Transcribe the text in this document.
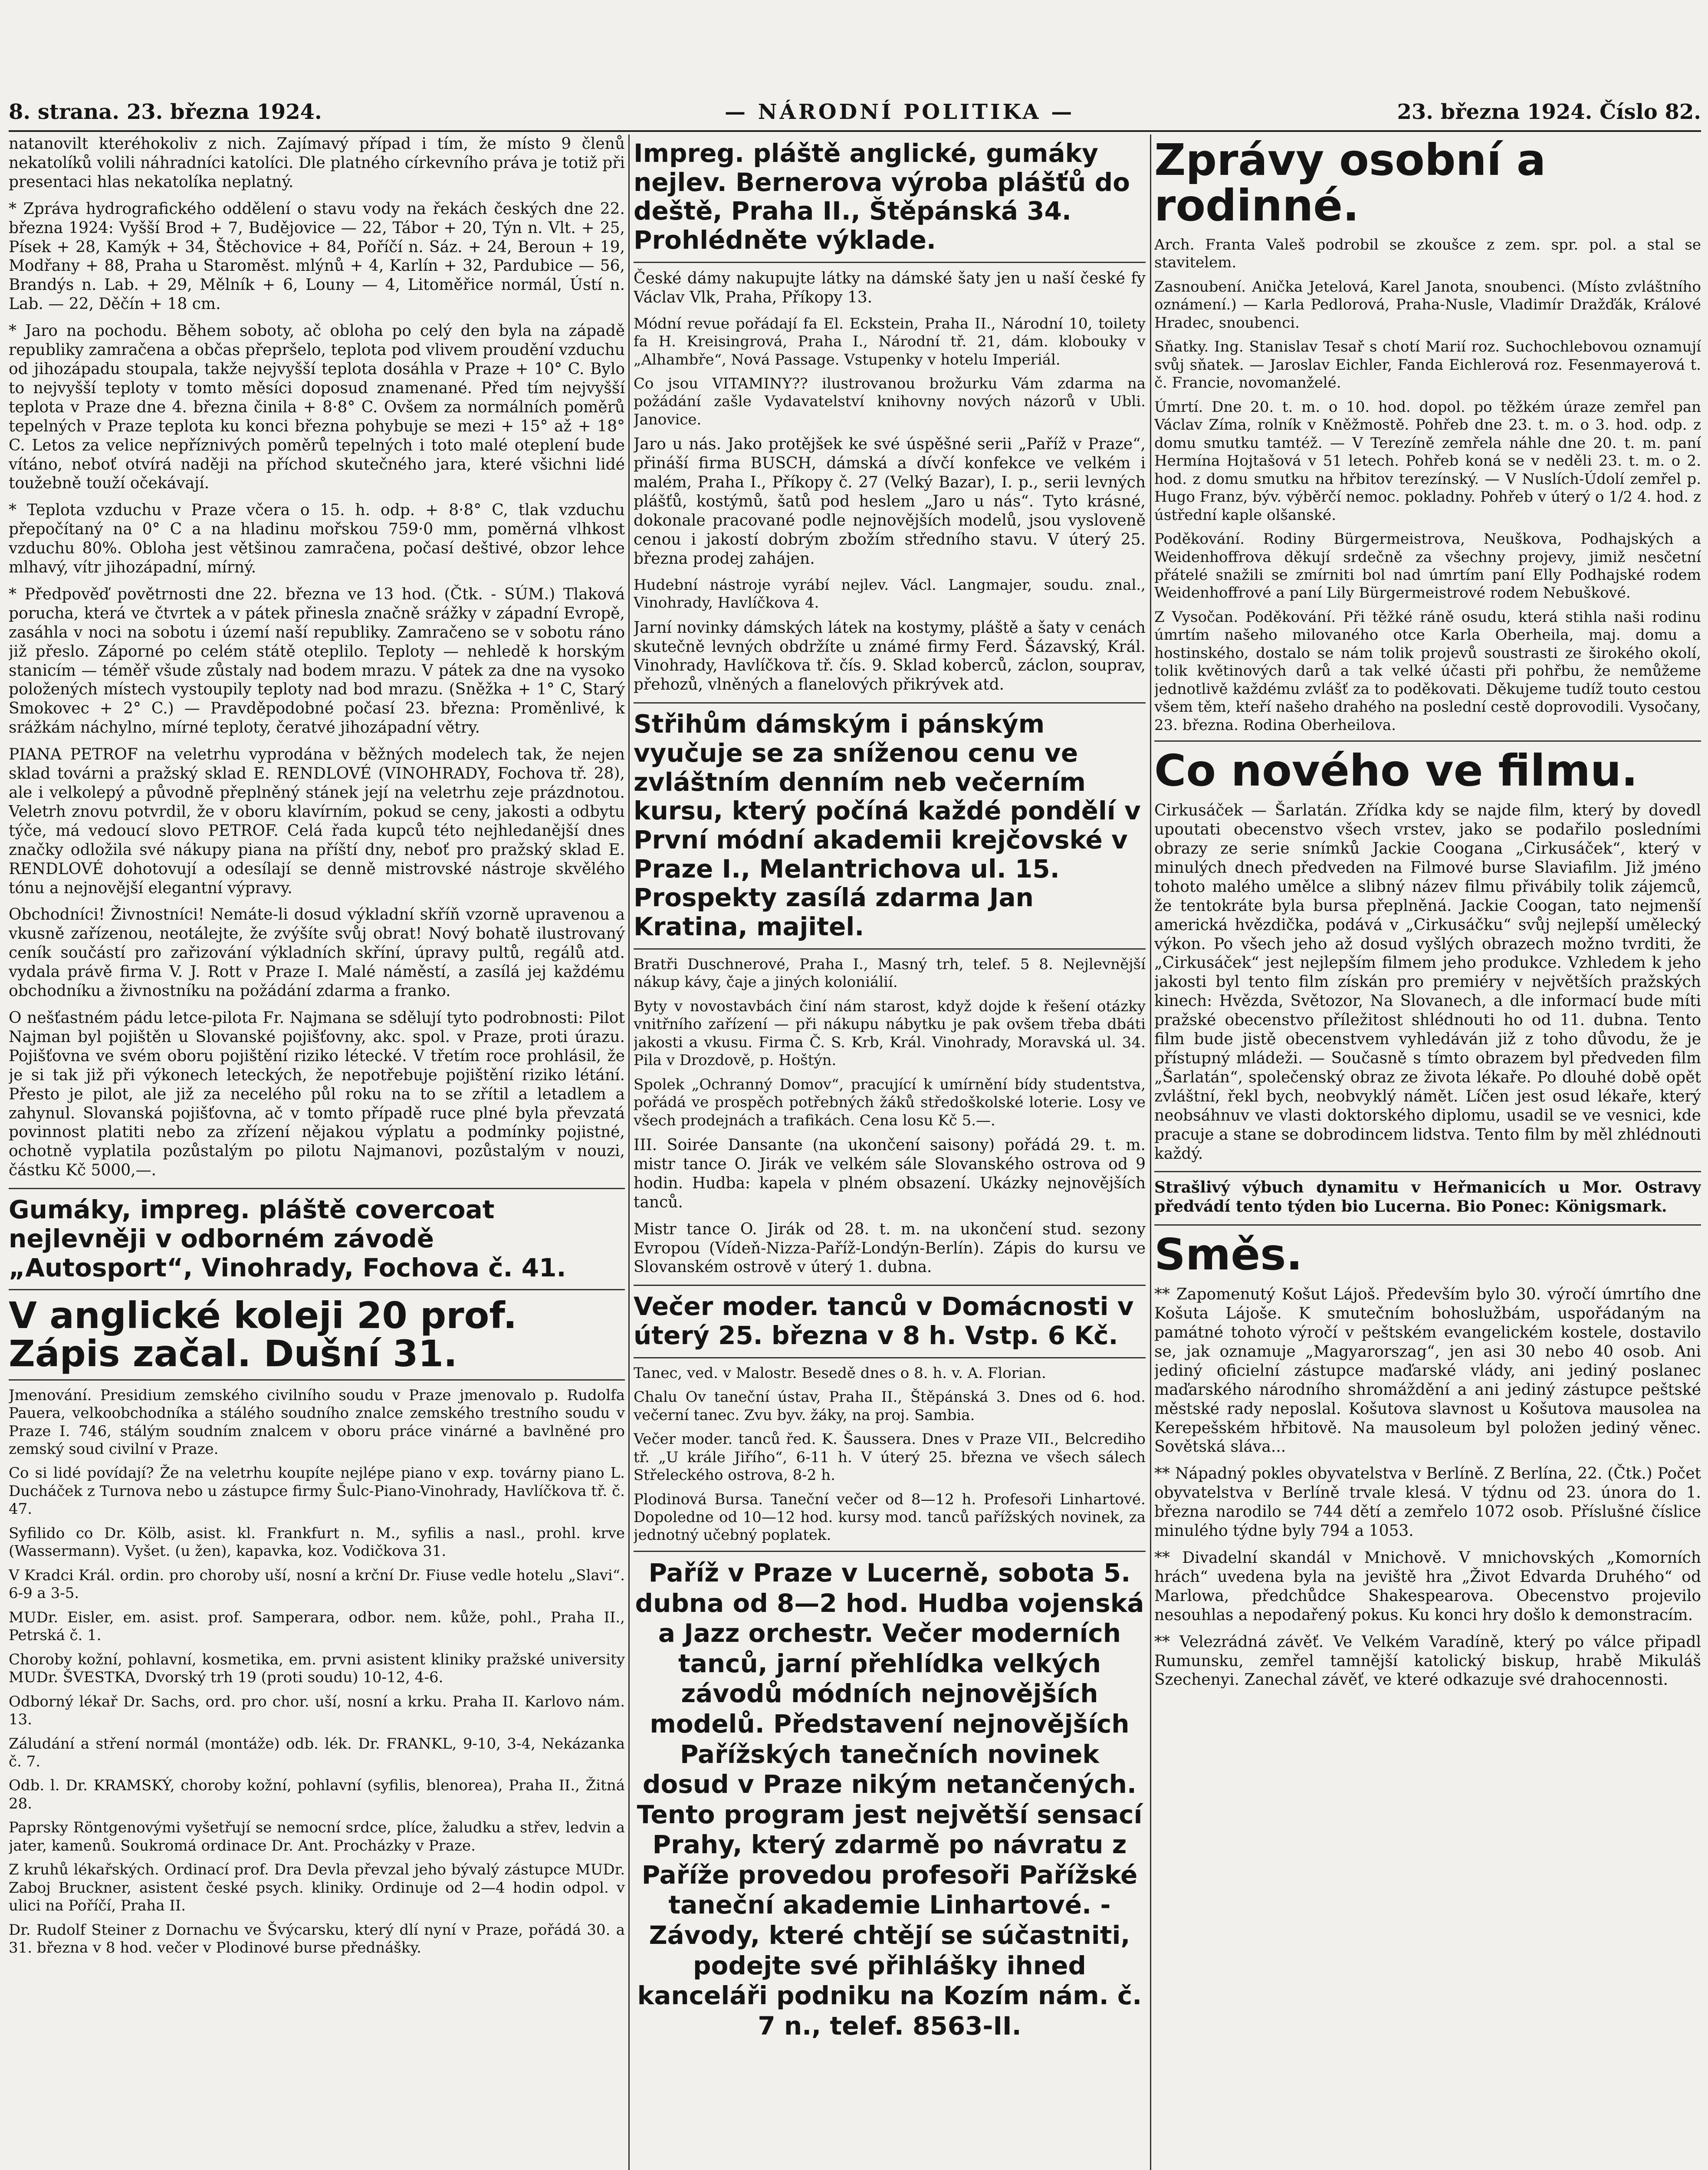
8. strana. 23. března 1924.	— NÁRODNÍ POLITIKA —	23. března 1924. Číslo 82.

natanovilt kteréhokoliv z nich. Zajímavý případ i tím, že místo 9 členů nekatolíků volili náhradníci katolíci. Dle platného církevního práva je totiž při presentaci hlas nekatolíka neplatný.

* Zpráva hydrografického oddělení o stavu vody na řekách českých dne 22. března 1924: Vyšší Brod + 7, Budějovice — 22, Tábor + 20, Týn n. Vlt. + 25, Písek + 28, Kamýk + 34, Štěchovice + 84, Poříčí n. Sáz. + 24, Beroun + 19, Modřany + 88, Praha u Staroměst. mlýnů + 4, Karlín + 32, Pardubice — 56, Brandýs n. Lab. + 29, Mělník + 6, Louny — 4, Litoměřice normál, Ústí n. Lab. — 22, Děčín + 18 cm.

* Jaro na pochodu. Během soboty, ač obloha po celý den byla na západě republiky zamračena a občas přepršelo, teplota pod vlivem proudění vzduchu od jihozápadu stoupala, takže nejvyšší teplota dosáhla v Praze + 10° C. Bylo to nejvyšší teploty v tomto měsíci doposud znamenané. Před tím nejvyšší teplota v Praze dne 4. března činila + 8·8° C. Ovšem za normálních poměrů tepelných v Praze teplota ku konci března pohybuje se mezi + 15° až + 18° C. Letos za velice nepříznivých poměrů tepelných i toto malé oteplení bude vítáno, neboť otvírá naději na příchod skutečného jara, které všichni lidé toužebně touží očekávají.

* Teplota vzduchu v Praze včera o 15. h. odp. + 8·8° C, tlak vzduchu přepočítaný na 0° C a na hladinu mořskou 759·0 mm, poměrná vlhkost vzduchu 80%. Obloha jest většinou zamračena, počasí deštivé, obzor lehce mlhavý, vítr jihozápadní, mírný.

* Předpověď povětrnosti dne 22. března ve 13 hod. (Čtk. - SÚM.) Tlaková porucha, která ve čtvrtek a v pátek přinesla značně srážky v západní Evropě, zasáhla v noci na sobotu i území naší republiky. Zamračeno se v sobotu ráno již přeslo. Záporné po celém státě oteplilo. Teploty — nehledě k horským stanicím — téměř všude zůstaly nad bodem mrazu. V pátek za dne na vysoko položených místech vystoupily teploty nad bod mrazu. (Sněžka + 1° C, Starý Smokovec + 2° C.) — Pravděpodobné počasí 23. března: Proměnlivé, k srážkám náchylno, mírné teploty, čeratvé jihozápadní větry.

PIANA PETROF na veletrhu vyprodána v běžných modelech tak, že nejen sklad továrni a pražský sklad E. RENDLOVÉ (VINOHRADY, Fochova tř. 28), ale i velkolepý a původně přeplněný stánek její na veletrhu zeje prázdnotou. Veletrh znovu potvrdil, že v oboru klavírním, pokud se ceny, jakosti a odbytu týče, má vedoucí slovo PETROF. Celá řada kupců této nejhledanější dnes značky odložila své nákupy piana na příští dny, neboť pro pražský sklad E. RENDLOVÉ dohotovují a odesílají se denně mistrovské nástroje skvělého tónu a nejnovější elegantní výpravy.

Obchodníci! Živnostníci! Nemáte-li dosud výkladní skříň vzorně upravenou a vkusně zařízenou, neotálejte, že zvýšíte svůj obrat! Nový bohatě ilustrovaný ceník součástí pro zařizování výkladních skříní, úpravy pultů, regálů atd. vydala právě firma V. J. Rott v Praze I. Malé náměstí, a zasílá jej každému obchodníku a živnostníku na požádání zdarma a franko.

O nešťastném pádu letce-pilota Fr. Najmana se sdělují tyto podrobnosti: Pilot Najman byl pojištěn u Slovanské pojišťovny, akc. spol. v Praze, proti úrazu. Pojišťovna ve svém oboru pojištění riziko létecké. V třetím roce prohlásil, že je si tak již při výkonech leteckých, že nepotřebuje pojištění riziko létání. Přesto je pilot, ale již za necelého půl roku na to se zřítil a letadlem a zahynul. Slovanská pojišťovna, ač v tomto případě ruce plné byla převzatá povinnost platiti nebo za zřízení nějakou výplatu a podmínky pojistné, ochotně vyplatila pozůstalým po pilotu Najmanovi, pozůstalým v nouzi, částku Kč 5000,—.

Gumáky, impreg. pláště covercoat nejlevněji v odborném závodě „Autosport“, Vinohrady, Fochova č. 41.
V anglické koleji 20 prof. Zápis začal. Dušní 31.

Jmenování. Presidium zemského civilního soudu v Praze jmenovalo p. Rudolfa Pauera, velkoobchodníka a stálého soudního znalce zemského trestního soudu v Praze I. 746, stálým soudním znalcem v oboru práce vinárné a bavlněné pro zemský soud civilní v Praze.

Co si lidé povídají? Že na veletrhu koupíte nejlépe piano v exp. továrny piano L. Ducháček z Turnova nebo u zástupce firmy Šulc-Piano-Vinohrady, Havlíčkova tř. č. 47.

Syfilido co Dr. Kölb, asist. kl. Frankfurt n. M., syfilis a nasl., prohl. krve (Wassermann). Vyšet. (u žen), kapavka, koz. Vodičkova 31.

V Kradci Král. ordin. pro choroby uší, nosní a krční Dr. Fiuse vedle hotelu „Slavi“. 6-9 a 3-5.

MUDr. Eisler, em. asist. prof. Samperara, odbor. nem. kůže, pohl., Praha II., Petrská č. 1.

Choroby kožní, pohlavní, kosmetika, em. prvni asistent kliniky pražské university MUDr. ŠVESTKA, Dvorský trh 19 (proti soudu) 10-12, 4-6.

Odborný lékař Dr. Sachs, ord. pro chor. uší, nosní a krku. Praha II. Karlovo nám. 13.

Záludání a stření normál (montáže) odb. lék. Dr. FRANKL, 9-10, 3-4, Nekázanka č. 7.

Odb. l. Dr. KRAMSKÝ, choroby kožní, pohlavní (syfilis, blenorea), Praha II., Žitná 28.

Paprsky Röntgenovými vyšetřují se nemocní srdce, plíce, žaludku a střev, ledvin a jater, kamenů. Soukromá ordinace Dr. Ant. Procházky v Praze.

Z kruhů lékařských. Ordinací prof. Dra Devla převzal jeho bývalý zástupce MUDr. Zaboj Bruckner, asistent české psych. kliniky. Ordinuje od 2—4 hodin odpol. v ulici na Poříčí, Praha II.

Dr. Rudolf Steiner z Dornachu ve Švýcarsku, který dlí nyní v Praze, pořádá 30. a 31. března v 8 hod. večer v Plodinové burse přednášky.

Impreg. pláště anglické, gumáky nejlev. Bernerova výroba plášťů do deště, Praha II., Štěpánská 34. Prohlédněte výklade.

České dámy nakupujte látky na dámské šaty jen u naší české fy Václav Vlk, Praha, Příkopy 13.

Módní revue pořádají fa El. Eckstein, Praha II., Národní 10, toilety fa H. Kreisingrová, Praha I., Národní tř. 21, dám. klobouky v „Alhambře“, Nová Passage. Vstupenky v hotelu Imperiál.

Co jsou VITAMINY?? ilustrovanou brožurku Vám zdarma na požádání zašle Vydavatelství knihovny nových názorů v Ubli. Janovice.

Jaro u nás. Jako protějšek ke své úspěšné serii „Paříž v Praze“, přináší firma BUSCH, dámská a dívčí konfekce ve velkém i malém, Praha I., Příkopy č. 27 (Velký Bazar), I. p., serii levných plášťů, kostýmů, šatů pod heslem „Jaro u nás“. Tyto krásné, dokonale pracované podle nejnovějších modelů, jsou vysloveně cenou i jakostí dobrým zbožím středního stavu. V úterý 25. března prodej zahájen.

Hudební nástroje vyrábí nejlev. Václ. Langmajer, soudu. znal., Vinohrady, Havlíčkova 4.

Jarní novinky dámských látek na kostymy, pláště a šaty v cenách skutečně levných obdržíte u známé firmy Ferd. Šázavský, Král. Vinohrady, Havlíčkova tř. čís. 9. Sklad koberců, záclon, souprav, přehozů, vlněných a flanelových přikrývek atd.

Střihům dámským i pánským vyučuje se za sníženou cenu ve zvláštním denním neb večerním kursu, který počíná každé pondělí v První módní akademii krejčovské v Praze I., Melantrichova ul. 15. Prospekty zasílá zdarma Jan Kratina, majitel.

Bratři Duschnerové, Praha I., Masný trh, telef. 5 8. Nejlevnější nákup kávy, čaje a jiných koloniálií.

Byty v novostavbách činí nám starost, když dojde k řešení otázky vnitřního zařízení — při nákupu nábytku je pak ovšem třeba dbáti jakosti a vkusu. Firma Č. S. Krb, Král. Vinohrady, Moravská ul. 34. Pila v Drozdově, p. Hoštýn.

Spolek „Ochranný Domov“, pracující k umírnění bídy studentstva, pořádá ve prospěch potřebných žáků středoškolské loterie. Losy ve všech prodejnách a trafikách. Cena losu Kč 5.—.

III. Soirée Dansante (na ukončení saisony) pořádá 29. t. m. mistr tance O. Jirák ve velkém sále Slovanského ostrova od 9 hodin. Hudba: kapela v plném obsazení. Ukázky nejnovějších tanců.

Mistr tance O. Jirák od 28. t. m. na ukončení stud. sezony Evropou (Vídeň-Nizza-Paříž-Londýn-Berlín). Zápis do kursu ve Slovanském ostrově v úterý 1. dubna.

Večer moder. tanců v Domácnosti v úterý 25. března v 8 h. Vstp. 6 Kč.

Tanec, ved. v Malostr. Besedě dnes o 8. h. v. A. Florian.

Chalu Ov taneční ústav, Praha II., Štěpánská 3. Dnes od 6. hod. večerní tanec. Zvu byv. žáky, na proj. Sambia.

Večer moder. tanců řed. K. Šaussera. Dnes v Praze VII., Belcrediho tř. „U krále Jiřího“, 6-11 h. V úterý 25. března ve všech sálech Střeleckého ostrova, 8-2 h.

Plodinová Bursa. Taneční večer od 8—12 h. Profesoři Linhartové. Dopoledne od 10—12 hod. kursy mod. tanců pařížských novinek, za jednotný učebný poplatek.

Paříž v Praze v Lucerně, sobota 5. dubna od 8—2 hod. Hudba vojenská a Jazz orchestr. Večer moderních tanců, jarní přehlídka velkých závodů módních nejnovějších modelů. Představení nejnovějších Pařížských tanečních novinek dosud v Praze nikým netančených. Tento program jest největší sensací Prahy, který zdarmě po návratu z Paříže provedou profesoři Pařížské taneční akademie Linhartové. - Závody, které chtějí se súčastniti, podejte své přihlášky ihned kanceláři podniku na Kozím nám. č. 7 n., telef. 8563-II.
Zprávy osobní a rodinné.

Arch. Franta Valeš podrobil se zkoušce z zem. spr. pol. a stal se stavitelem.

Zasnoubení. Anička Jetelová, Karel Janota, snoubenci. (Místo zvláštního oznámení.) — Karla Pedlorová, Praha-Nusle, Vladimír Dražďák, Králové Hradec, snoubenci.

Sňatky. Ing. Stanislav Tesař s chotí Marií roz. Suchochlebovou oznamují svůj sňatek. — Jaroslav Eichler, Fanda Eichlerová roz. Fesenmayerová t. č. Francie, novomanželé.

Úmrtí. Dne 20. t. m. o 10. hod. dopol. po těžkém úraze zemřel pan Václav Zíma, rolník v Kněžmostě. Pohřeb dne 23. t. m. o 3. hod. odp. z domu smutku tamtéž. — V Terezíně zemřela náhle dne 20. t. m. paní Hermína Hojtašová v 51 letech. Pohřeb koná se v neděli 23. t. m. o 2. hod. z domu smutku na hřbitov terezínský. — V Nuslích-Údolí zemřel p. Hugo Franz, býv. výběrčí nemoc. pokladny. Pohřeb v úterý o 1/2 4. hod. z ústřední kaple olšanské.

Poděkování. Rodiny Bürgermeistrova, Neuškova, Podhajských a Weidenhoffrova děkují srdečně za všechny projevy, jimiž nesčetní přátelé snažili se zmírniti bol nad úmrtím paní Elly Podhajské rodem Weidenhoffrové a paní Lily Bürgermeistrové rodem Nebuškové.

Z Vysočan. Poděkování. Při těžké ráně osudu, která stihla naši rodinu úmrtím našeho milovaného otce Karla Oberheila, maj. domu a hostinského, dostalo se nám tolik projevů soustrasti ze širokého okolí, tolik květinových darů a tak velké účasti při pohřbu, že nemůžeme jednotlivě každému zvlášť za to poděkovati. Děkujeme tudíž touto cestou všem těm, kteří našeho drahého na poslední cestě doprovodili. Vysočany, 23. března. Rodina Oberheilova.

Co nového ve filmu.

Cirkusáček — Šarlatán. Zřídka kdy se najde film, který by dovedl upoutati obecenstvo všech vrstev, jako se podařilo posledními obrazy ze serie snímků Jackie Coogana „Cirkusáček“, který v minulých dnech předveden na Filmové burse Slaviafilm. Již jméno tohoto malého umělce a slibný název filmu přivábily tolik zájemců, že tentokráte byla bursa přeplněná. Jackie Coogan, tato nejmenší americká hvězdička, podává v „Cirkusáčku“ svůj nejlepší umělecký výkon. Po všech jeho až dosud vyšlých obrazech možno tvrditi, že „Cirkusáček“ jest nejlepším filmem jeho produkce. Vzhledem k jeho jakosti byl tento film získán pro premiéry v největších pražských kinech: Hvězda, Světozor, Na Slovanech, a dle informací bude míti pražské obecenstvo příležitost shlédnouti ho od 11. dubna. Tento film bude jistě obecenstvem vyhledáván již z toho důvodu, že je přístupný mládeži. — Současně s tímto obrazem byl předveden film „Šarlatán“, společenský obraz ze života lékaře. Po dlouhé době opět zvláštní, řekl bych, neobvyklý námět. Líčen jest osud lékaře, který neobsáhnuv ve vlasti doktorského diplomu, usadil se ve vesnici, kde pracuje a stane se dobrodincem lidstva. Tento film by měl zhlédnouti každý.

Strašlivý výbuch dynamitu v Heřmanicích u Mor. Ostravy předvádí tento týden bio Lucerna. Bio Ponec: Königsmark.

Směs.

** Zapomenutý Košut Lájoš. Především bylo 30. výročí úmrtího dne Košuta Lájoše. K smutečním bohoslužbám, uspořádaným na památné tohoto výročí v peštském evangelickém kostele, dostavilo se, jak oznamuje „Magyarorszag“, jen asi 30 nebo 40 osob. Ani jediný oficielní zástupce maďarské vlády, ani jediný poslanec maďarského národního shromáždění a ani jediný zástupce peštské městské rady neposlal. Košutova slavnost u Košutova mausolea na Kerepešském hřbitově. Na mausoleum byl položen jediný věnec. Sovětská sláva...

** Nápadný pokles obyvatelstva v Berlíně. Z Berlína, 22. (Čtk.) Počet obyvatelstva v Berlíně trvale klesá. V týdnu od 23. února do 1. března narodilo se 744 dětí a zemřelo 1072 osob. Příslušné číslice minulého týdne byly 794 a 1053.

** Divadelní skandál v Mnichově. V mnichovských „Komorních hrách“ uvedena byla na jeviště hra „Život Edvarda Druhého“ od Marlowa, předchůdce Shakespearova. Obecenstvo projevilo nesouhlas a nepodařený pokus. Ku konci hry došlo k demonstracím.

** Velezrádná závěť. Ve Velkém Varadíně, který po válce připadl Rumunsku, zemřel tamnější katolický biskup, hrabě Mikuláš Szechenyi. Zanechal závěť, ve které odkazuje své drahocennosti.
